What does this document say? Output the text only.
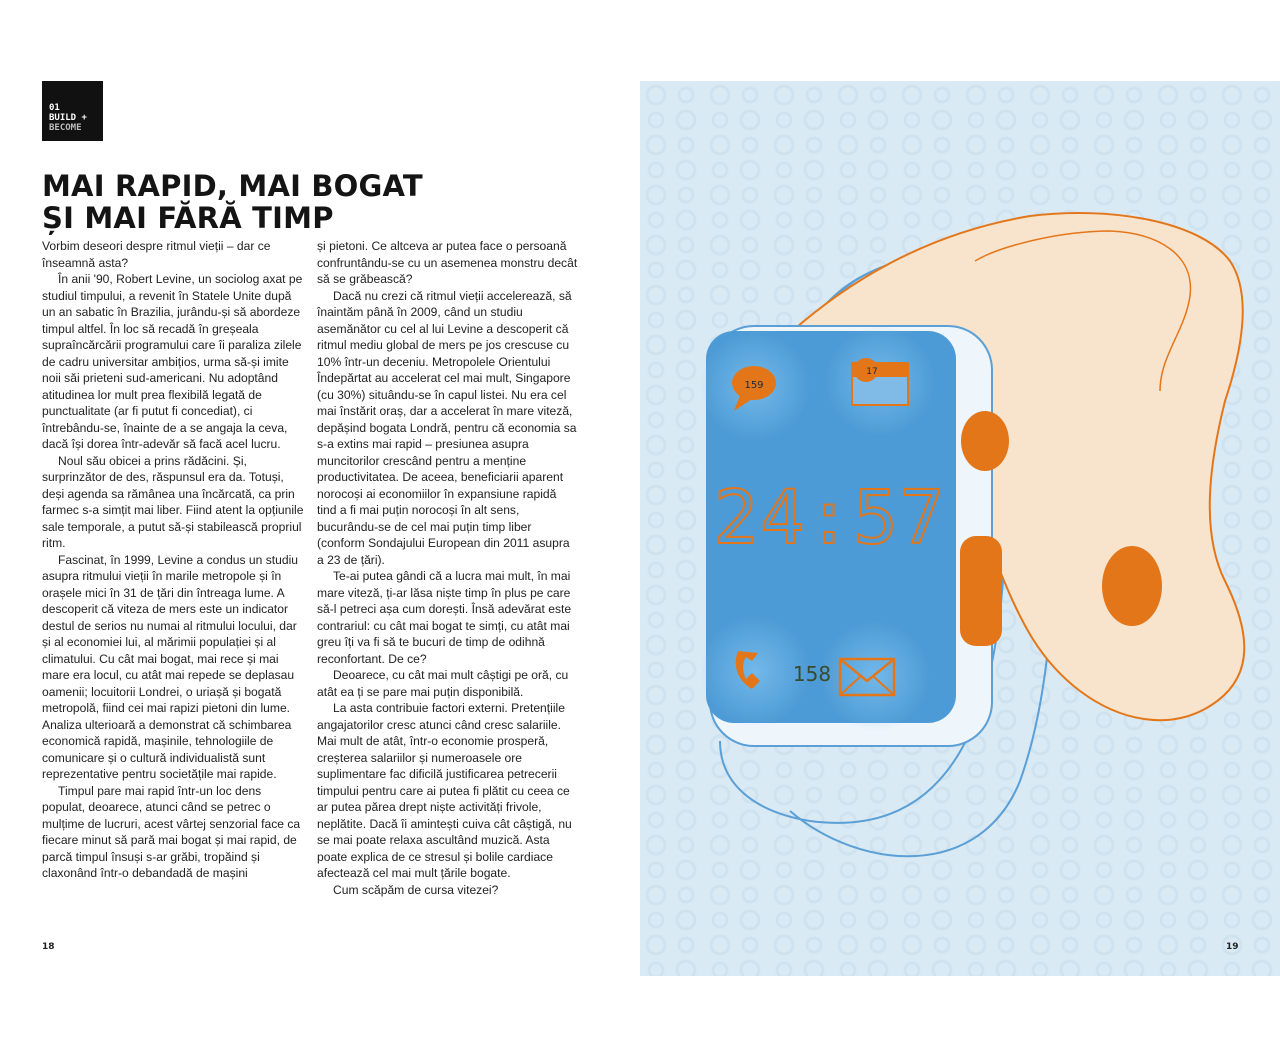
01
BUILD +
BECOME
MAI RAPID, MAI BOGAT
ȘI MAI FĂRĂ TIMP

Vorbim deseori despre ritmul vieții – dar ce înseamnă asta?

În anii '90, Robert Levine, un sociolog axat pe studiul timpului, a revenit în Statele Unite după un an sabatic în Brazilia, jurându-și să abordeze timpul altfel. În loc să recadă în greșeala supraîncărcării programului care îi paraliza zilele de cadru universitar ambițios, urma să-și imite noii săi prieteni sud-americani. Nu adoptând atitudinea lor mult prea flexibilă legată de punctualitate (ar fi putut fi concediat), ci întrebându-se, înainte de a se angaja la ceva, dacă își dorea într-adevăr să facă acel lucru.

Noul său obicei a prins rădăcini. Și, surprinzător de des, răspunsul era da. Totuși, deși agenda sa rămânea una încărcată, ca prin farmec s-a simțit mai liber. Fiind atent la opțiunile sale temporale, a putut să-și stabilească propriul ritm.

Fascinat, în 1999, Levine a condus un studiu asupra ritmului vieții în marile metropole și în orașele mici în 31 de țări din întreaga lume. A descoperit că viteza de mers este un indicator destul de serios nu numai al ritmului locului, dar și al economiei lui, al mărimii populației și al climatului. Cu cât mai bogat, mai rece și mai mare era locul, cu atât mai repede se deplasau oamenii; locuitorii Londrei, o uriașă și bogată metropolă, fiind cei mai rapizi pietoni din lume. Analiza ulterioară a demonstrat că schimbarea economică rapidă, mașinile, tehnologiile de comunicare și o cultură individualistă sunt reprezentative pentru societățile mai rapide.

Timpul pare mai rapid într-un loc dens populat, deoarece, atunci când se petrec o mulțime de lucruri, acest vârtej senzorial face ca fiecare minut să pară mai bogat și mai rapid, de parcă timpul însuși s-ar grăbi, tropăind și claxonând într-o debandadă de mașini

și pietoni. Ce altceva ar putea face o persoană confruntându-se cu un asemenea monstru decât să se grăbească?

Dacă nu crezi că ritmul vieții accelerează, să înaintăm până în 2009, când un studiu asemănător cu cel al lui Levine a descoperit că ritmul mediu global de mers pe jos crescuse cu 10% într-un deceniu. Metropolele Orientului Îndepărtat au accelerat cel mai mult, Singapore (cu 30%) situându-se în capul listei. Nu era cel mai înstărit oraș, dar a accelerat în mare viteză, depășind bogata Londră, pentru că economia sa s-a extins mai rapid – presiunea asupra muncitorilor crescând pentru a menține productivitatea. De aceea, beneficiarii aparent norocoși ai economiilor în expansiune rapidă tind a fi mai puțin norocoși în alt sens, bucurându-se de cel mai puțin timp liber (conform Sondajului European din 2011 asupra a 23 de țări).

Te-ai putea gândi că a lucra mai mult, în mai mare viteză, ți-ar lăsa niște timp în plus pe care să-l petreci așa cum dorești. Însă adevărat este contrariul: cu cât mai bogat te simți, cu atât mai greu îți va fi să te bucuri de timp de odihnă reconfortant. De ce?

Deoarece, cu cât mai mult câștigi pe oră, cu atât ea ți se pare mai puțin disponibilă.

La asta contribuie factori externi. Pretențiile angajatorilor cresc atunci când cresc salariile. Mai mult de atât, într-o economie prosperă, creșterea salariilor și numeroasele ore suplimentare fac dificilă justificarea petrecerii timpului pentru care ai putea fi plătit cu ceea ce ar putea părea drept niște activități frivole, neplătite. Dacă îi amintești cuiva cât câștigă, nu se mai poate relaxa ascultând muzică. Asta poate explica de ce stresul și bolile cardiace afectează cel mai mult țările bogate.

Cum scăpăm de cursa vitezei?

18
159
17
24:57
158
19
